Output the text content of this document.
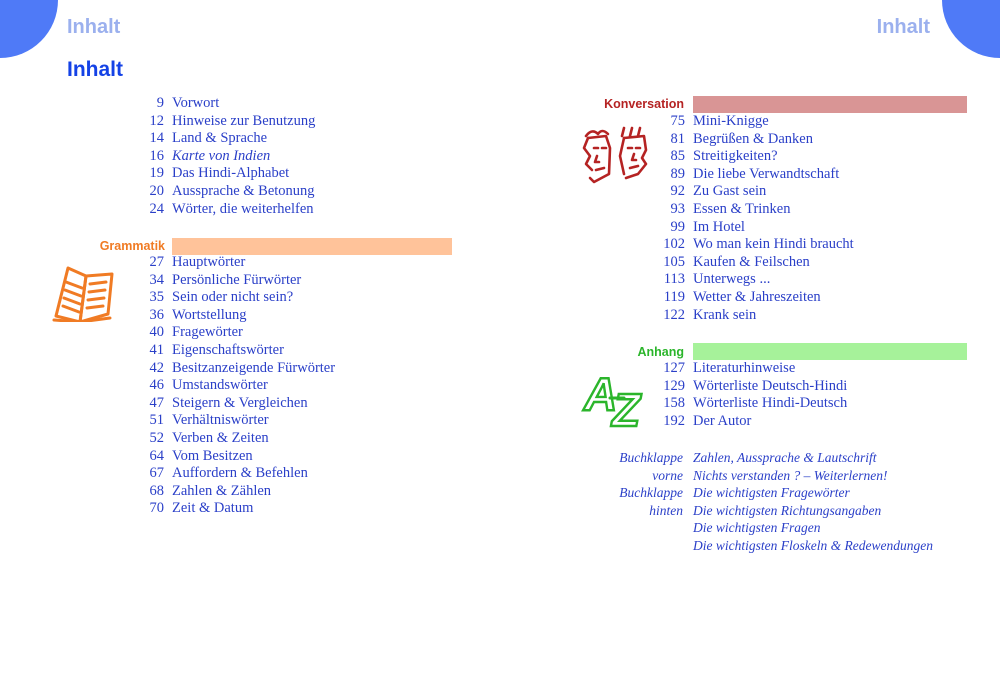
Inhalt	Inhalt
Inhalt
9 Vorwort
12 Hinweise zur Benutzung
14 Land & Sprache
16 Karte von Indien
19 Das Hindi-Alphabet
20 Aussprache & Betonung
24 Wörter, die weiterhelfen
Grammatik
27 Hauptwörter
34 Persönliche Fürwörter
35 Sein oder nicht sein?
36 Wortstellung
40 Fragewörter
41 Eigenschaftswörter
42 Besitzanzeigende Fürwörter
46 Umstandswörter
47 Steigern & Vergleichen
51 Verhältniswörter
52 Verben & Zeiten
64 Vom Besitzen
67 Auffordern & Befehlen
68 Zahlen & Zählen
70 Zeit & Datum
Konversation
75 Mini-Knigge
81 Begrüßen & Danken
85 Streitigkeiten?
89 Die liebe Verwandtschaft
92 Zu Gast sein
93 Essen & Trinken
99 Im Hotel
102 Wo man kein Hindi braucht
105 Kaufen & Feilschen
113 Unterwegs ...
119 Wetter & Jahreszeiten
122 Krank sein
Anhang
A
Z
127 Literaturhinweise
129 Wörterliste Deutsch-Hindi
158 Wörterliste Hindi-Deutsch
192 Der Autor
Buchklappe
vorne
Buchklappe
hinten
Zahlen, Aussprache & Lautschrift
Nichts verstanden ? – Weiterlernen!
Die wichtigsten Fragewörter
Die wichtigsten Richtungsangaben
Die wichtigsten Fragen
Die wichtigsten Floskeln & Redewendungen
